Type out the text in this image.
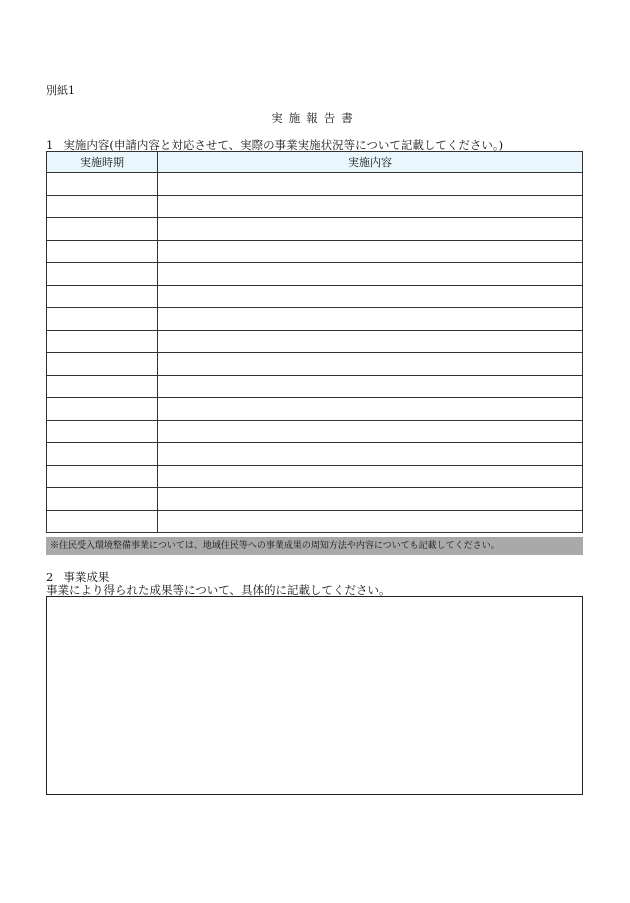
別紙1
実施報告書
1 実施内容(申請内容と対応させて、実際の事業実施状況等について記載してください。)
実施時期	実施内容

※住民受入環境整備事業については、地域住民等への事業成果の周知方法や内容についても記載してください。
2 事業成果
事業により得られた成果等について、具体的に記載してください。
